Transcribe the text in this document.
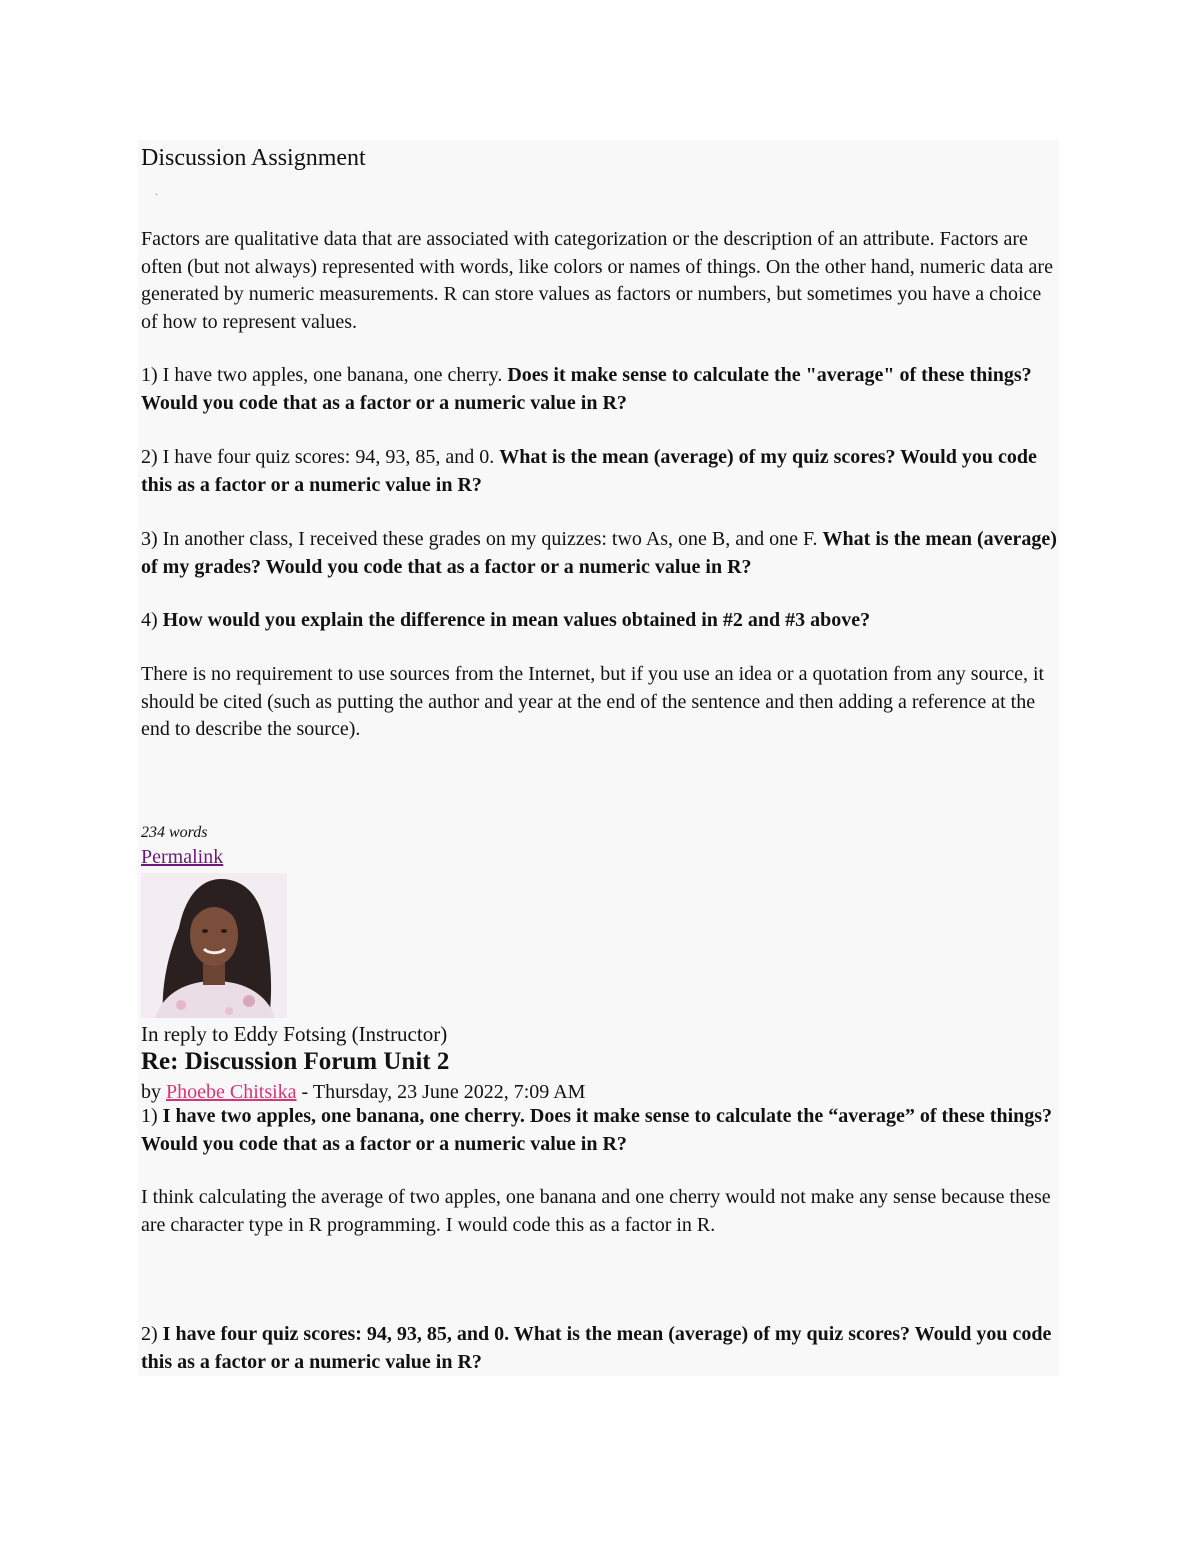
Discussion Assignment
·

Factors are qualitative data that are associated with categorization or the description of an attribute. Factors are often (but not always) represented with words, like colors or names of things. On the other hand, numeric data are generated by numeric measurements. R can store values as factors or numbers, but sometimes you have a choice of how to represent values.

1) I have two apples, one banana, one cherry. Does it make sense to calculate the "average" of these things? Would you code that as a factor or a numeric value in R?

2) I have four quiz scores: 94, 93, 85, and 0. What is the mean (average) of my quiz scores? Would you code this as a factor or a numeric value in R?

3) In another class, I received these grades on my quizzes: two As, one B, and one F. What is the mean (average) of my grades? Would you code that as a factor or a numeric value in R?

4) How would you explain the difference in mean values obtained in #2 and #3 above?

There is no requirement to use sources from the Internet, but if you use an idea or a quotation from any source, it should be cited (such as putting the author and year at the end of the sentence and then adding a reference at the end to describe the source).

234 words
Permalink
In reply to Eddy Fotsing (Instructor)
Re: Discussion Forum Unit 2
by Phoebe Chitsika - Thursday, 23 June 2022, 7:09 AM

1) I have two apples, one banana, one cherry. Does it make sense to calculate the “average” of these things? Would you code that as a factor or a numeric value in R?

I think calculating the average of two apples, one banana and one cherry would not make any sense because these are character type in R programming. I would code this as a factor in R.

2) I have four quiz scores: 94, 93, 85, and 0. What is the mean (average) of my quiz scores? Would you code this as a factor or a numeric value in R?
